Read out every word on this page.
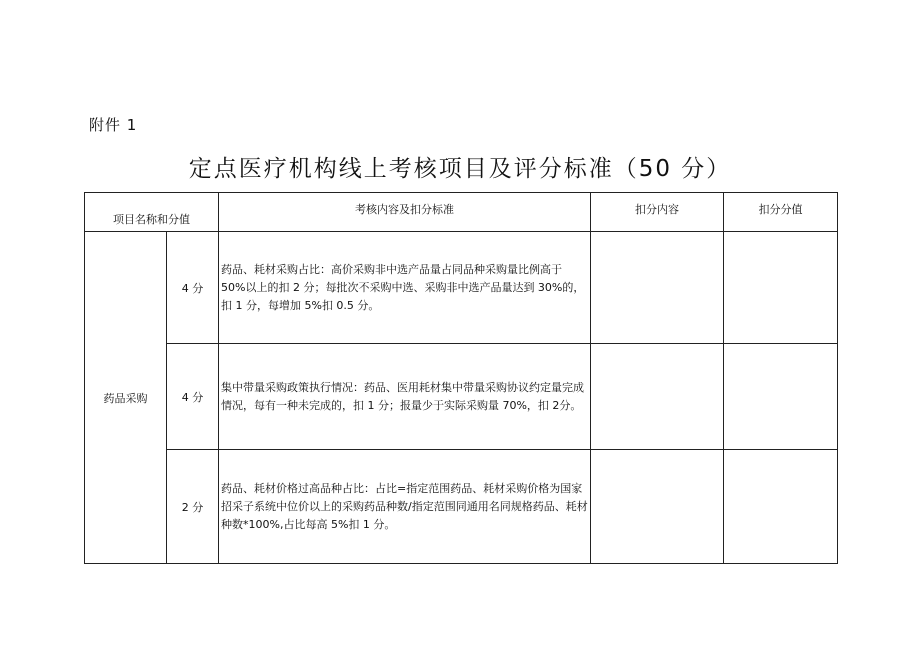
附件 1
定点医疗机构线上考核项目及评分标准（50 分）
项目名称和分值		考核内容及扣分标准	扣分内容	扣分分值
药品采购	4 分	药品、耗材采购占比：高价采购非中选产品量占同品种采购量比例高于 50%以上的扣 2 分；每批次不采购中选、采购非中选产品量达到 30%的，扣 1 分，每增加 5%扣 0.5 分。		
	4 分	集中带量采购政策执行情况：药品、医用耗材集中带量采购协议约定量完成情况，每有一种未完成的，扣 1 分；报量少于实际采购量 70%，扣 2分。		
	2 分	药品、耗材价格过高品种占比：占比=指定范围药品、耗材采购价格为国家招采子系统中位价以上的采购药品种数/指定范围同通用名同规格药品、耗材种数*100%,占比每高 5%扣 1 分。		
